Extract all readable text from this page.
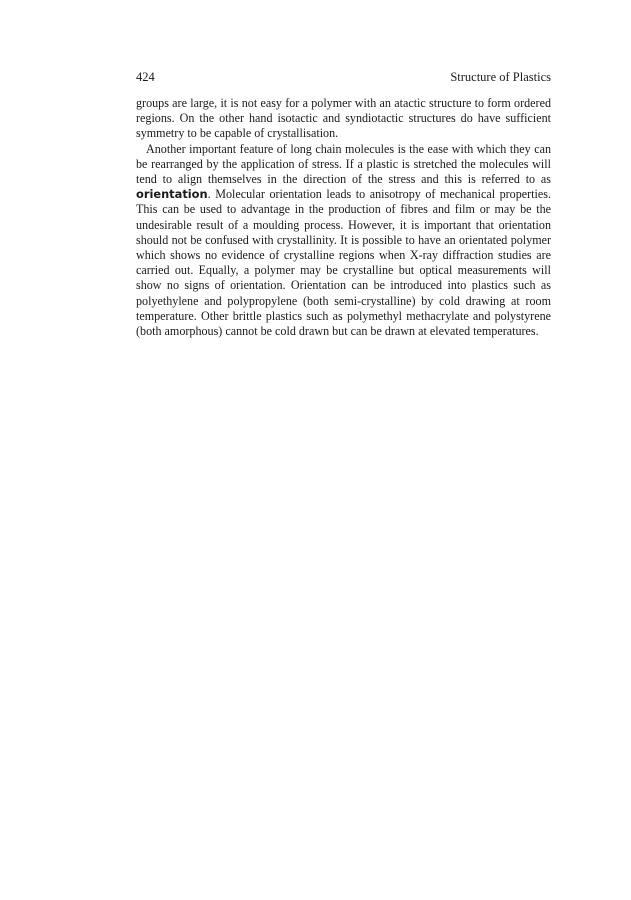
424	Structure of Plastics

groups are large, it is not easy for a polymer with an atactic structure to form ordered regions. On the other hand isotactic and syndiotactic structures do have sufficient symmetry to be capable of crystallisation.

Another important feature of long chain molecules is the ease with which they can be rearranged by the application of stress. If a plastic is stretched the molecules will tend to align themselves in the direction of the stress and this is referred to as orientation. Molecular orientation leads to anisotropy of mechanical properties. This can be used to advantage in the production of fibres and film or may be the undesirable result of a moulding process. However, it is important that orientation should not be confused with crystallinity. It is possible to have an orientated polymer which shows no evidence of crystalline regions when X-ray diffraction studies are carried out. Equally, a polymer may be crystalline but optical measurements will show no signs of orientation. Orientation can be introduced into plastics such as polyethylene and polypropylene (both semi-crystalline) by cold drawing at room temperature. Other brittle plastics such as polymethyl methacrylate and polystyrene (both amorphous) cannot be cold drawn but can be drawn at elevated temperatures.
